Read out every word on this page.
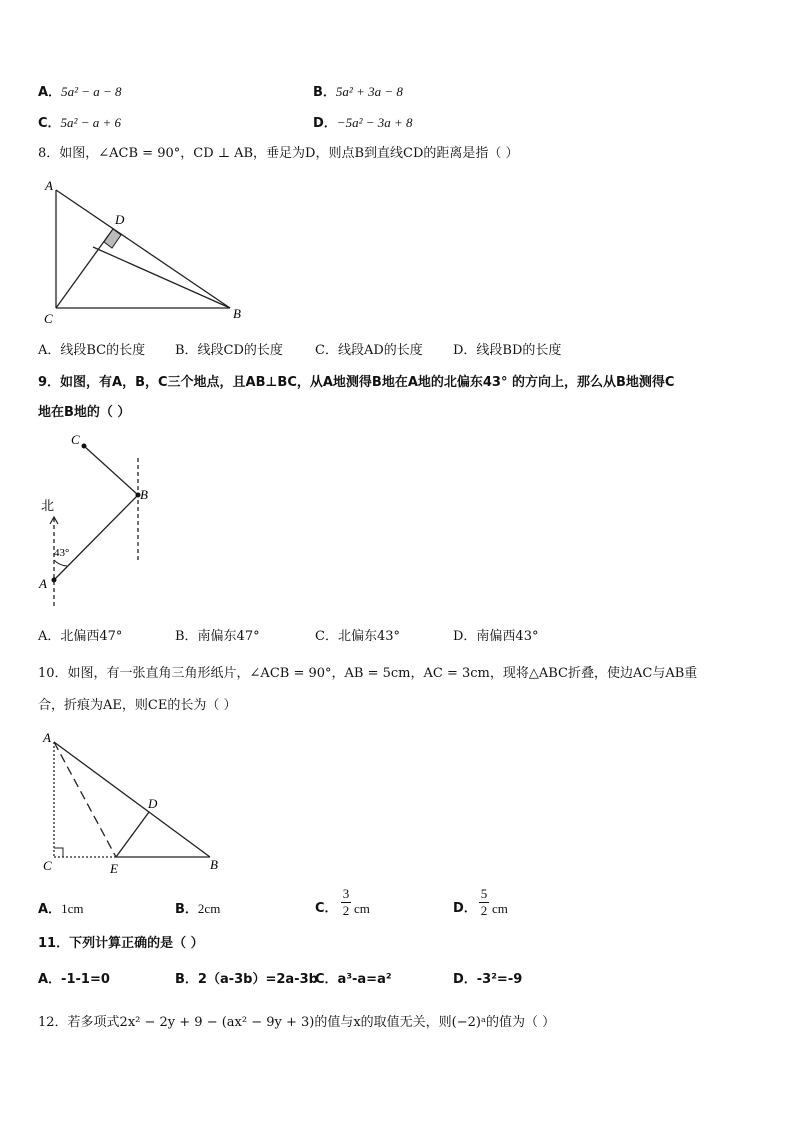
A．5a² − a − 8	B．5a² + 3a − 8
C．5a² − a + 6	D．−5a² − 3a + 8
8．如图，∠ACB = 90°，CD ⊥ AB，垂足为D，则点B到直线CD的距离是指（ ）
A
D
C	B
A．线段BC的长度 B．线段CD的长度 C．线段AD的长度 D．线段BD的长度
9．如图，有A，B，C三个地点，且AB⊥BC，从A地测得B地在A地的北偏东43° 的方向上，那么从B地测得C
地在B地的（ ）
C
B
A
北
43°
A．北偏西47°	B．南偏东47°	C．北偏东43°	D．南偏西43°
10．如图，有一张直角三角形纸片，∠ACB = 90°，AB = 5cm，AC = 3cm，现将△ABC折叠，使边AC与AB重
合，折痕为AE，则CE的长为（ ）
A
D
C	E	B
A．1cm	B．2cm	C．
3
2 cm	D．
5
2 cm
11．下列计算正确的是（ ）
A．-1-1=0	B．2（a-3b）=2a-3b
C．a³-a=a²	D．-3²=-9
12．若多项式2x² − 2y + 9 − (ax² − 9y + 3)的值与x的取值无关，则(−2)ᵃ的值为（ ）
